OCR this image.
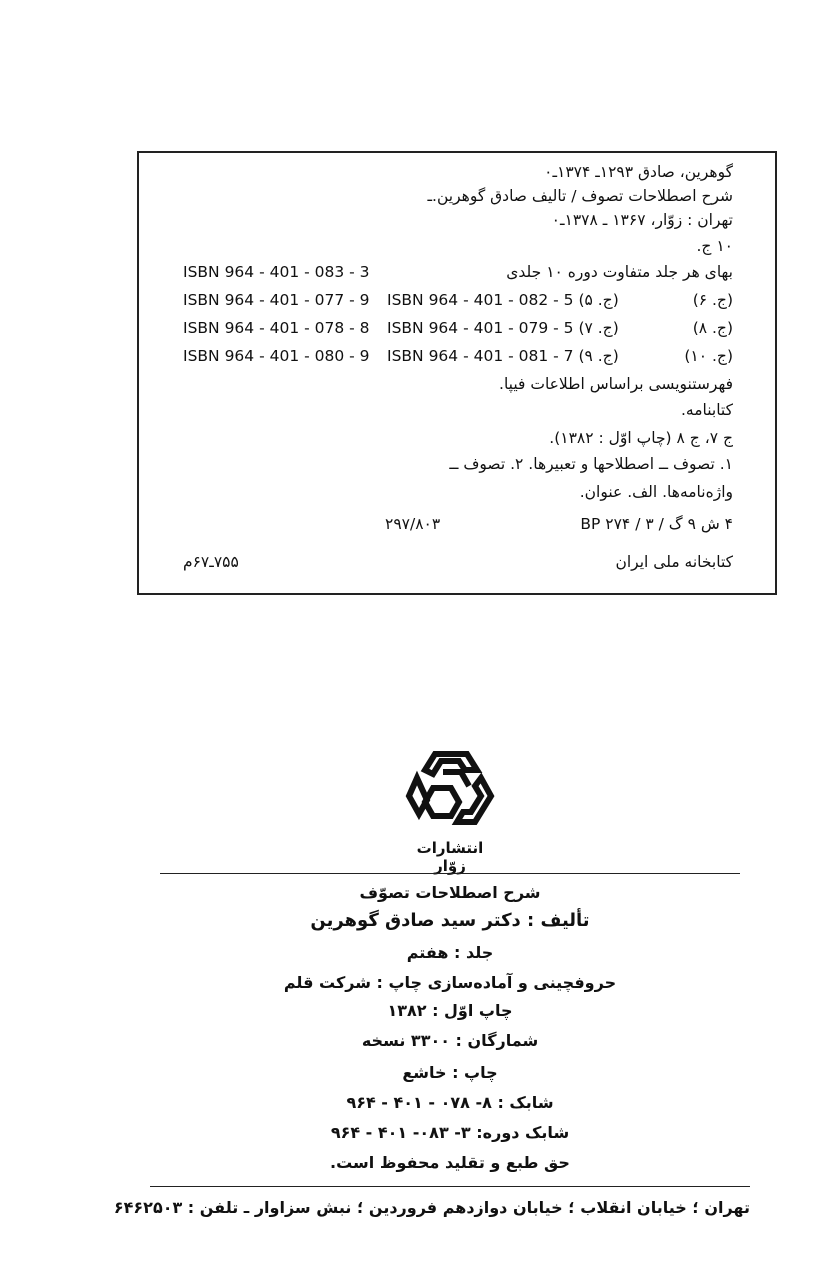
گوهرین، صادق ۱۲۹۳ـ ۱۳۷۴ـ۰
شرح اصطلاحات تصوف / تالیف صادق گوهرین.ـ
تهران : زوّار، ۱۳۶۷ ـ ۱۳۷۸ـ۰
۱۰ ج.
بهای هر جلد متفاوت دوره ۱۰ جلدی
ISBN 964 - 401 - 083 - 3
(ج. ۶)
ISBN 964 - 401 - 082 - 5 (ج. ۵)
ISBN 964 - 401 - 077 - 9
(ج. ۸)
ISBN 964 - 401 - 079 - 5 (ج. ۷)
ISBN 964 - 401 - 078 - 8
(ج. ۱۰)
ISBN 964 - 401 - 081 - 7 (ج. ۹)
ISBN 964 - 401 - 080 - 9
فهرستنویسی براساس اطلاعات فیپا.
کتابنامه.
ج ۷، ج ۸ (چاپ اوّل : ۱۳۸۲).
۱. تصوف ــ اصطلاحها و تعبیرها. ۲. تصوف ــ
واژه‌نامه‌ها. الف. عنوان.
۴ ش ۹ گ / ۳ / ۲۷۴ BP
۲۹۷/۸۰۳
کتابخانه ملی ایران
۷۵۵ـ۶۷م
انتشارات زوّار
شرح اصطلاحات تصوّف
تألیف : دکتر سید صادق گوهرین
جلد : هفتم
حروفچینی و آماده‌سازی چاپ : شرکت قلم
چاپ اوّل : ۱۳۸۲
شمارگان : ۳۳۰۰ نسخه
چاپ : خاشع
شابک : ۸- ۰۷۸ - ۴۰۱ - ۹۶۴
شابک دوره: ۳- ۰۸۳- ۴۰۱ - ۹۶۴
حق طبع و تقلید محفوظ است.
تهران ؛ خیابان انقلاب ؛ خیابان دوازدهم فروردین ؛ نبش سزاوار ـ تلفن : ۶۴۶۲۵۰۳
